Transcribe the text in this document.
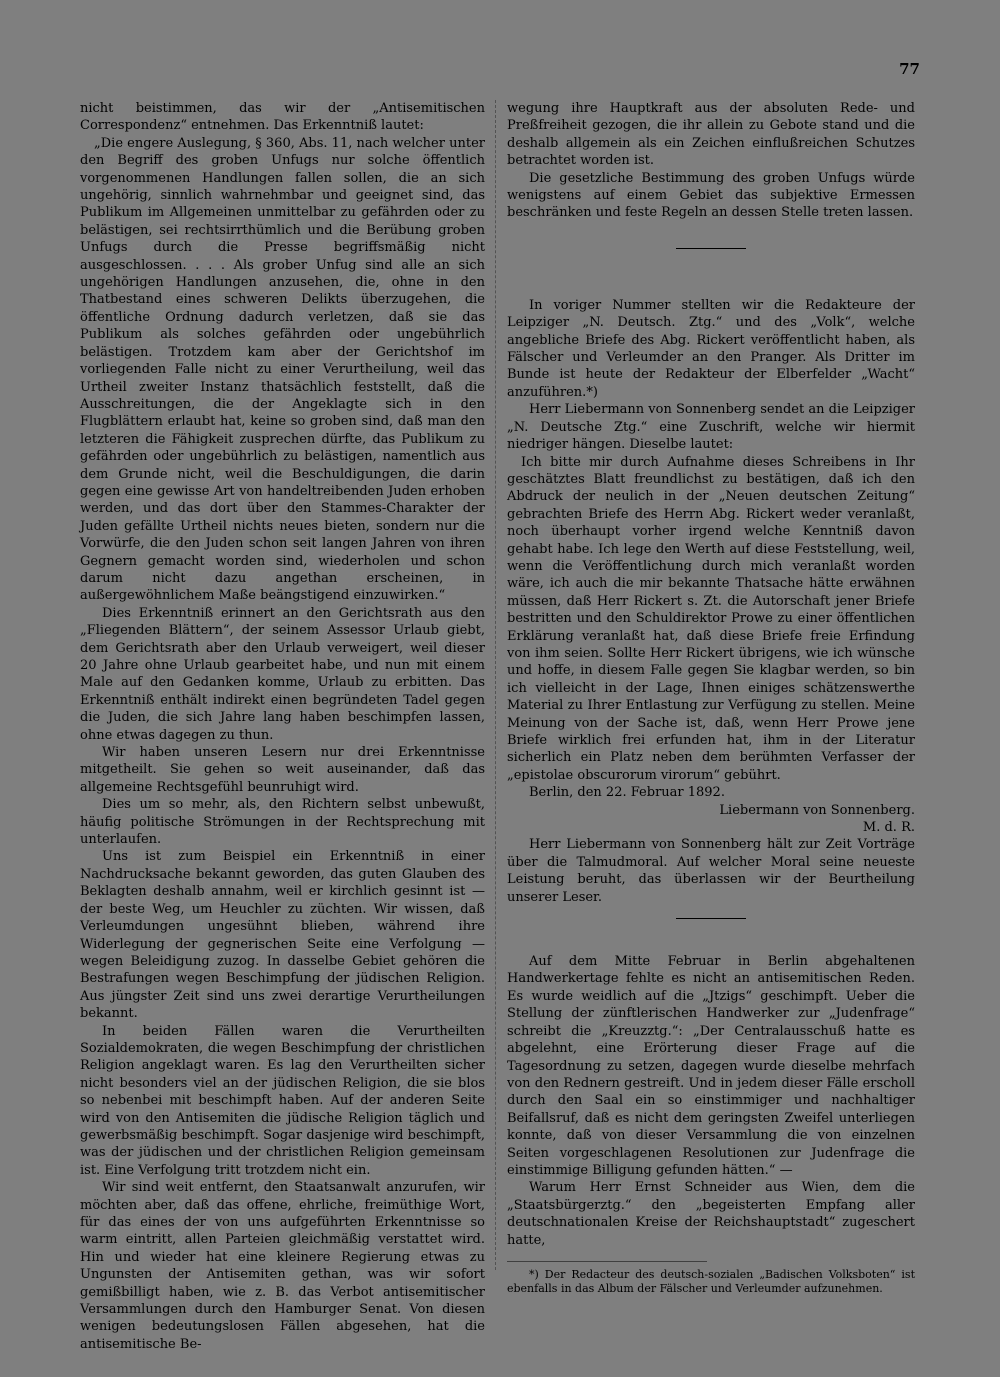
77

nicht beistimmen, das wir der „Antisemitischen Correspondenz“ entnehmen. Das Erkenntniß lautet:

„Die engere Auslegung, § 360, Abs. 11, nach welcher unter den Begriff des groben Unfugs nur solche öffentlich vorgenommenen Handlungen fallen sollen, die an sich ungehörig, sinnlich wahrnehmbar und geeignet sind, das Publikum im Allgemeinen unmittelbar zu gefährden oder zu belästigen, sei rechtsirrthümlich und die Berübung groben Unfugs durch die Presse begriffsmäßig nicht ausgeschlossen. . . . Als grober Unfug sind alle an sich ungehörigen Handlungen anzusehen, die, ohne in den Thatbestand eines schweren Delikts überzugehen, die öffentliche Ordnung dadurch verletzen, daß sie das Publikum als solches gefährden oder ungebührlich belästigen. Trotzdem kam aber der Gerichtshof im vorliegenden Falle nicht zu einer Verurtheilung, weil das Urtheil zweiter Instanz thatsächlich feststellt, daß die Ausschreitungen, die der Angeklagte sich in den Flugblättern erlaubt hat, keine so groben sind, daß man den letzteren die Fähigkeit zusprechen dürfte, das Publikum zu gefährden oder ungebührlich zu belästigen, namentlich aus dem Grunde nicht, weil die Beschuldigungen, die darin gegen eine gewisse Art von handeltreibenden Juden erhoben werden, und das dort über den Stammes-Charakter der Juden gefällte Urtheil nichts neues bieten, sondern nur die Vorwürfe, die den Juden schon seit langen Jahren von ihren Gegnern gemacht worden sind, wiederholen und schon darum nicht dazu angethan erscheinen, in außergewöhnlichem Maße beängstigend einzuwirken.“

Dies Erkenntniß erinnert an den Gerichtsrath aus den „Fliegenden Blättern“, der seinem Assessor Urlaub giebt, dem Gerichtsrath aber den Urlaub verweigert, weil dieser 20 Jahre ohne Urlaub gearbeitet habe, und nun mit einem Male auf den Gedanken komme, Urlaub zu erbitten. Das Erkenntniß enthält indirekt einen begründeten Tadel gegen die Juden, die sich Jahre lang haben beschimpfen lassen, ohne etwas dagegen zu thun.

Wir haben unseren Lesern nur drei Erkenntnisse mitgetheilt. Sie gehen so weit auseinander, daß das allgemeine Rechtsgefühl beunruhigt wird.

Dies um so mehr, als, den Richtern selbst unbewußt, häufig politische Strömungen in der Rechtsprechung mit unterlaufen.

Uns ist zum Beispiel ein Erkenntniß in einer Nachdrucksache bekannt geworden, das guten Glauben des Beklagten deshalb annahm, weil er kirchlich gesinnt ist — der beste Weg, um Heuchler zu züchten. Wir wissen, daß Verleumdungen ungesühnt blieben, während ihre Widerlegung der gegnerischen Seite eine Verfolgung — wegen Beleidigung zuzog. In dasselbe Gebiet gehören die Bestrafungen wegen Beschimpfung der jüdischen Religion. Aus jüngster Zeit sind uns zwei derartige Verurtheilungen bekannt.

In beiden Fällen waren die Verurtheilten Sozialdemokraten, die wegen Beschimpfung der christlichen Religion angeklagt waren. Es lag den Verurtheilten sicher nicht besonders viel an der jüdischen Religion, die sie blos so nebenbei mit beschimpft haben. Auf der anderen Seite wird von den Antisemiten die jüdische Religion täglich und gewerbsmäßig beschimpft. Sogar dasjenige wird beschimpft, was der jüdischen und der christlichen Religion gemeinsam ist. Eine Verfolgung tritt trotzdem nicht ein.

Wir sind weit entfernt, den Staatsanwalt anzurufen, wir möchten aber, daß das offene, ehrliche, freimüthige Wort, für das eines der von uns aufgeführten Erkenntnisse so warm eintritt, allen Parteien gleichmäßig verstattet wird. Hin und wieder hat eine kleinere Regierung etwas zu Ungunsten der Antisemiten gethan, was wir sofort gemißbilligt haben, wie z. B. das Verbot antisemitischer Versammlungen durch den Hamburger Senat. Von diesen wenigen bedeutungslosen Fällen abgesehen, hat die antisemitische Be-

wegung ihre Hauptkraft aus der absoluten Rede- und Preßfreiheit gezogen, die ihr allein zu Gebote stand und die deshalb allgemein als ein Zeichen einflußreichen Schutzes betrachtet worden ist.

Die gesetzliche Bestimmung des groben Unfugs würde wenigstens auf einem Gebiet das subjektive Ermessen beschränken und feste Regeln an dessen Stelle treten lassen.

In voriger Nummer stellten wir die Redakteure der Leipziger „N. Deutsch. Ztg.“ und des „Volk“, welche angebliche Briefe des Abg. Rickert veröffentlicht haben, als Fälscher und Verleumder an den Pranger. Als Dritter im Bunde ist heute der Redakteur der Elberfelder „Wacht“ anzuführen.*)

Herr Liebermann von Sonnenberg sendet an die Leipziger „N. Deutsche Ztg.“ eine Zuschrift, welche wir hiermit niedriger hängen. Dieselbe lautet:

Ich bitte mir durch Aufnahme dieses Schreibens in Ihr geschätztes Blatt freundlichst zu bestätigen, daß ich den Abdruck der neulich in der „Neuen deutschen Zeitung“ gebrachten Briefe des Herrn Abg. Rickert weder veranlaßt, noch überhaupt vorher irgend welche Kenntniß davon gehabt habe. Ich lege den Werth auf diese Feststellung, weil, wenn die Veröffentlichung durch mich veranlaßt worden wäre, ich auch die mir bekannte Thatsache hätte erwähnen müssen, daß Herr Rickert s. Zt. die Autorschaft jener Briefe bestritten und den Schuldirektor Prowe zu einer öffentlichen Erklärung veranlaßt hat, daß diese Briefe freie Erfindung von ihm seien. Sollte Herr Rickert übrigens, wie ich wünsche und hoffe, in diesem Falle gegen Sie klagbar werden, so bin ich vielleicht in der Lage, Ihnen einiges schätzenswerthe Material zu Ihrer Entlastung zur Verfügung zu stellen. Meine Meinung von der Sache ist, daß, wenn Herr Prowe jene Briefe wirklich frei erfunden hat, ihm in der Literatur sicherlich ein Platz neben dem berühmten Verfasser der „epistolae obscurorum virorum“ gebührt.

Berlin, den 22. Februar 1892.

Liebermann von Sonnenberg.

M. d. R.

Herr Liebermann von Sonnenberg hält zur Zeit Vorträge über die Talmudmoral. Auf welcher Moral seine neueste Leistung beruht, das überlassen wir der Beurtheilung unserer Leser.

Auf dem Mitte Februar in Berlin abgehaltenen Handwerkertage fehlte es nicht an antisemitischen Reden. Es wurde weidlich auf die „Jtzigs“ geschimpft. Ueber die Stellung der zünftlerischen Handwerker zur „Judenfrage“ schreibt die „Kreuzztg.“: „Der Centralausschuß hatte es abgelehnt, eine Erörterung dieser Frage auf die Tagesordnung zu setzen, dagegen wurde dieselbe mehrfach von den Rednern gestreift. Und in jedem dieser Fälle erscholl durch den Saal ein so einstimmiger und nachhaltiger Beifallsruf, daß es nicht dem geringsten Zweifel unterliegen konnte, daß von dieser Versammlung die von einzelnen Seiten vorgeschlagenen Resolutionen zur Judenfrage die einstimmige Billigung gefunden hätten.“ —

Warum Herr Ernst Schneider aus Wien, dem die „Staatsbürgerztg.“ den „begeisterten Empfang aller deutschnationalen Kreise der Reichshauptstadt“ zugeschert hatte,

*) Der Redacteur des deutsch-sozialen „Badischen Volksboten“ ist ebenfalls in das Album der Fälscher und Verleumder aufzunehmen.
